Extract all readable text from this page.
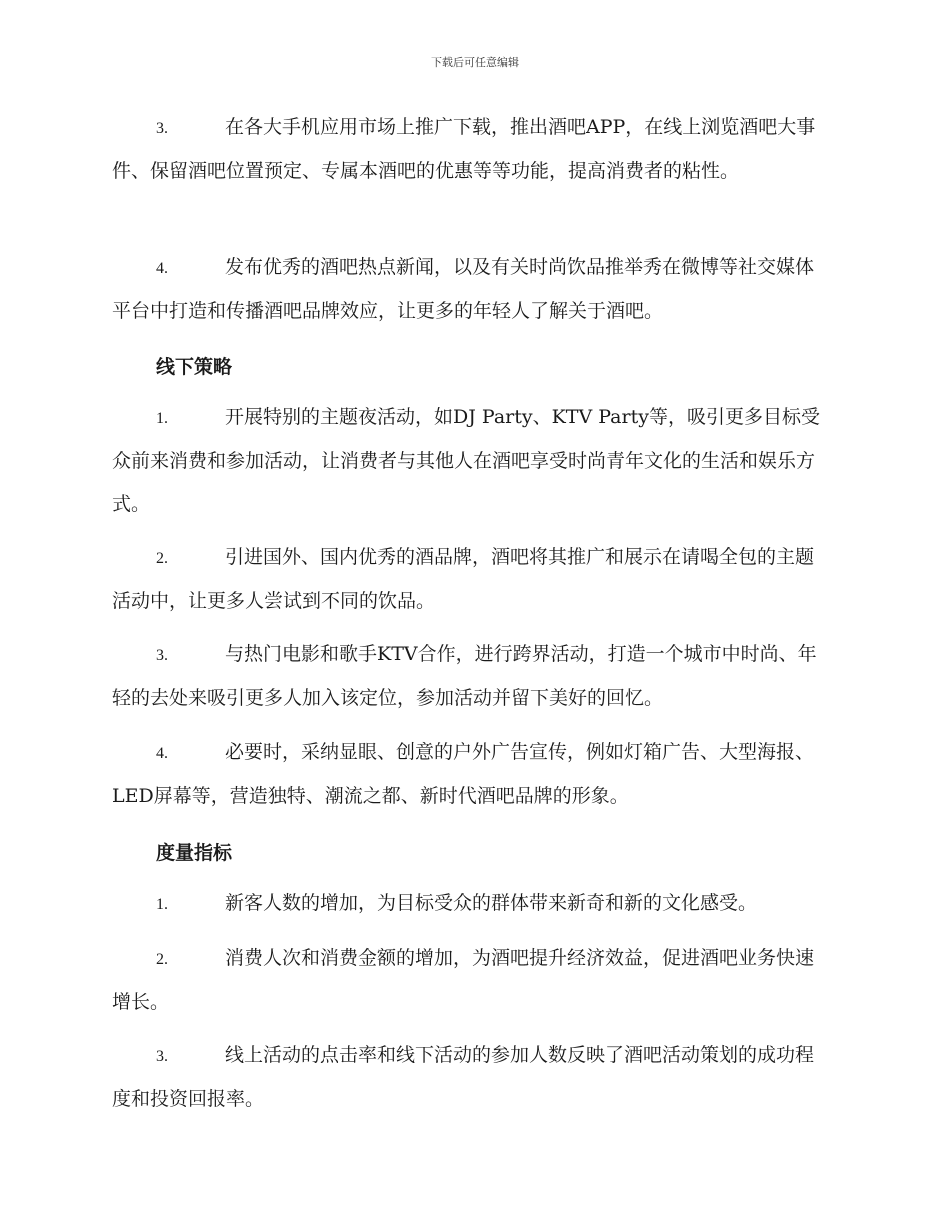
下载后可任意编辑
3.	在各大手机应用市场上推广下载，推出酒吧APP，在线上浏览酒吧大事件、保留酒吧位置预定、专属本酒吧的优惠等等功能，提高消费者的粘性。
4.	发布优秀的酒吧热点新闻，以及有关时尚饮品推举秀在微博等社交媒体平台中打造和传播酒吧品牌效应，让更多的年轻人了解关于酒吧。
线下策略
1.	开展特别的主题夜活动，如DJ Party、KTV Party等，吸引更多目标受众前来消费和参加活动，让消费者与其他人在酒吧享受时尚青年文化的生活和娱乐方式。
2.	引进国外、国内优秀的酒品牌，酒吧将其推广和展示在请喝全包的主题活动中，让更多人尝试到不同的饮品。
3.	与热门电影和歌手KTV合作，进行跨界活动，打造一个城市中时尚、年轻的去处来吸引更多人加入该定位，参加活动并留下美好的回忆。
4.	必要时，采纳显眼、创意的户外广告宣传，例如灯箱广告、大型海报、LED屏幕等，营造独特、潮流之都、新时代酒吧品牌的形象。
度量指标
1.	新客人数的增加，为目标受众的群体带来新奇和新的文化感受。
2.	消费人次和消费金额的增加，为酒吧提升经济效益，促进酒吧业务快速增长。
3.	线上活动的点击率和线下活动的参加人数反映了酒吧活动策划的成功程度和投资回报率。
